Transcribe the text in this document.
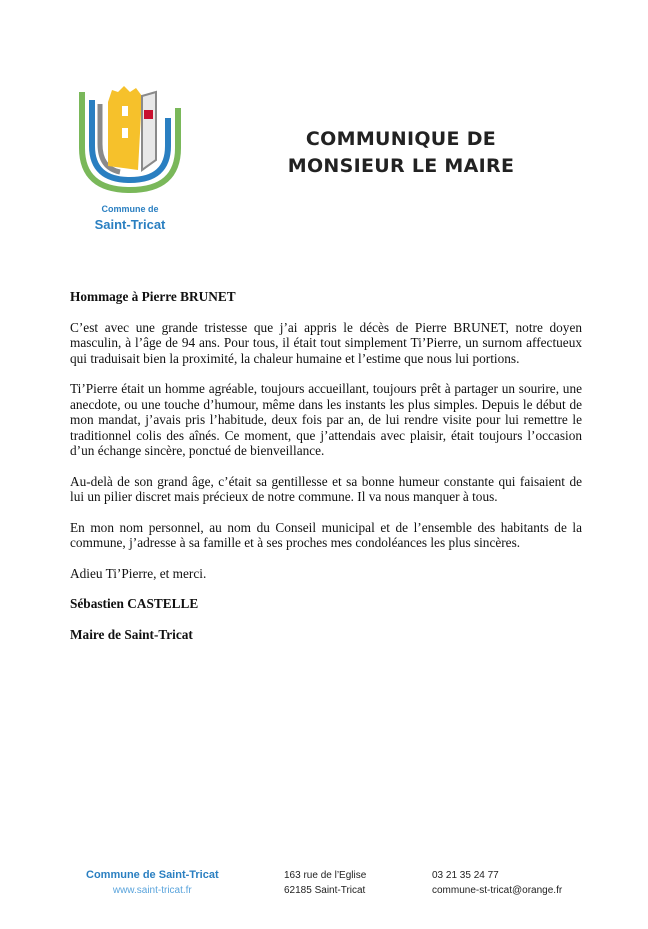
Commune de
Saint-Tricat
COMMUNIQUE DE
MONSIEUR LE MAIRE

Hommage à Pierre BRUNET

C’est avec une grande tristesse que j’ai appris le décès de Pierre BRUNET, notre doyen masculin, à l’âge de 94 ans. Pour tous, il était tout simplement Ti’Pierre, un surnom affectueux qui traduisait bien la proximité, la chaleur humaine et l’estime que nous lui portions.

Ti’Pierre était un homme agréable, toujours accueillant, toujours prêt à partager un sourire, une anecdote, ou une touche d’humour, même dans les instants les plus simples. Depuis le début de mon mandat, j’avais pris l’habitude, deux fois par an, de lui rendre visite pour lui remettre le traditionnel colis des aînés. Ce moment, que j’attendais avec plaisir, était toujours l’occasion d’un échange sincère, ponctué de bienveillance.

Au-delà de son grand âge, c’était sa gentillesse et sa bonne humeur constante qui faisaient de lui un pilier discret mais précieux de notre commune. Il va nous manquer à tous.

En mon nom personnel, au nom du Conseil municipal et de l’ensemble des habitants de la commune, j’adresse à sa famille et à ses proches mes condoléances les plus sincères.

Adieu Ti’Pierre, et merci.

Sébastien CASTELLE

Maire de Saint-Tricat

Commune de Saint-Tricat
www.saint-tricat.fr
163 rue de l’Eglise
62185 Saint-Tricat
03 21 35 24 77
commune-st-tricat@orange.fr
